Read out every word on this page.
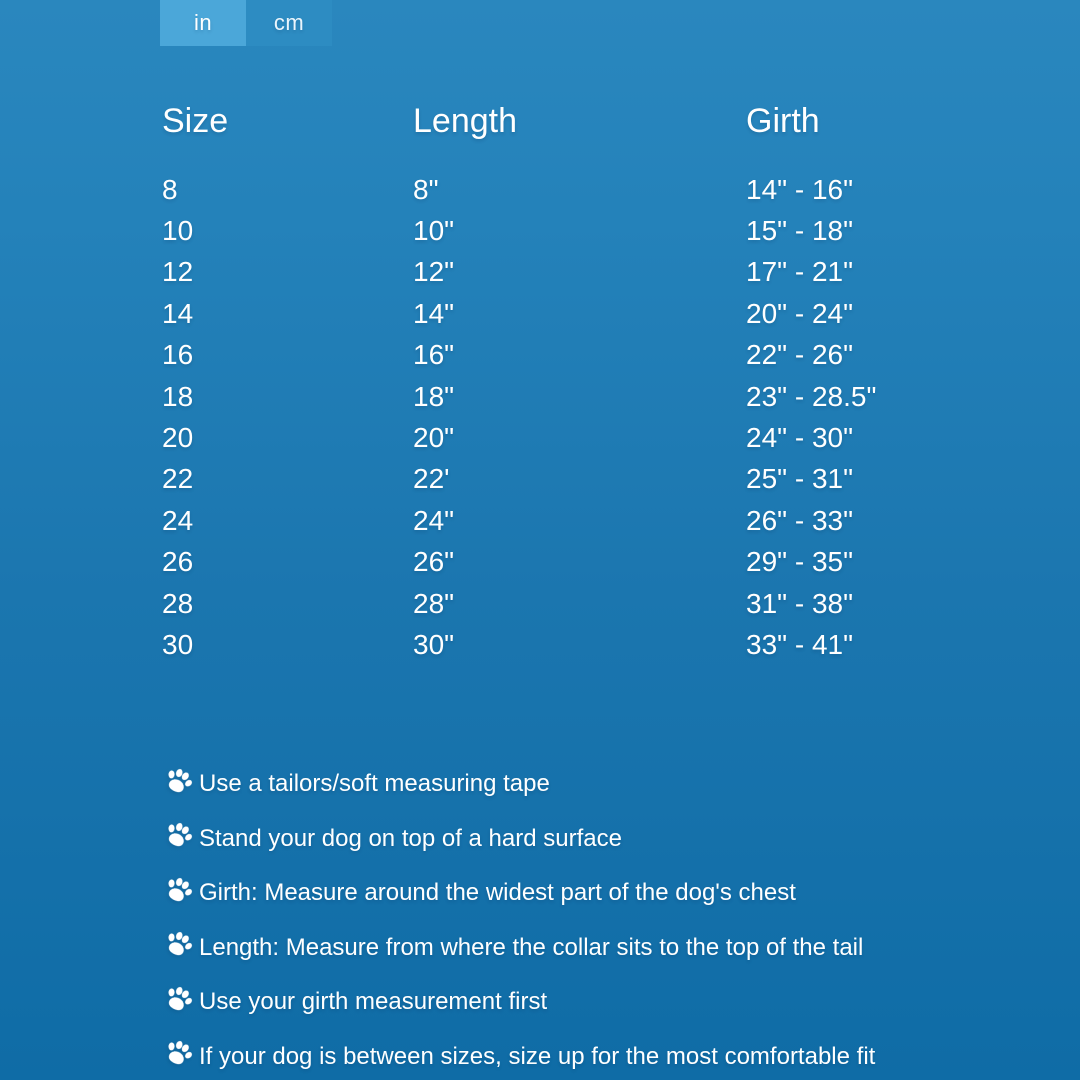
in	cm
Size	Length	Girth
8	8"	14" - 16"
10	10"	15" - 18"
12	12"	17" - 21"
14	14"	20" - 24"
16	16"	22" - 26"
18	18"	23" - 28.5"
20	20"	24" - 30"
22	22'	25" - 31"
24	24"	26" - 33"
26	26"	29" - 35"
28	28"	31" - 38"
30	30"	33" - 41"
Use a tailors/soft measuring tape
Stand your dog on top of a hard surface
Girth: Measure around the widest part of the dog's chest
Length: Measure from where the collar sits to the top of the tail
Use your girth measurement first
If your dog is between sizes, size up for the most comfortable fit
